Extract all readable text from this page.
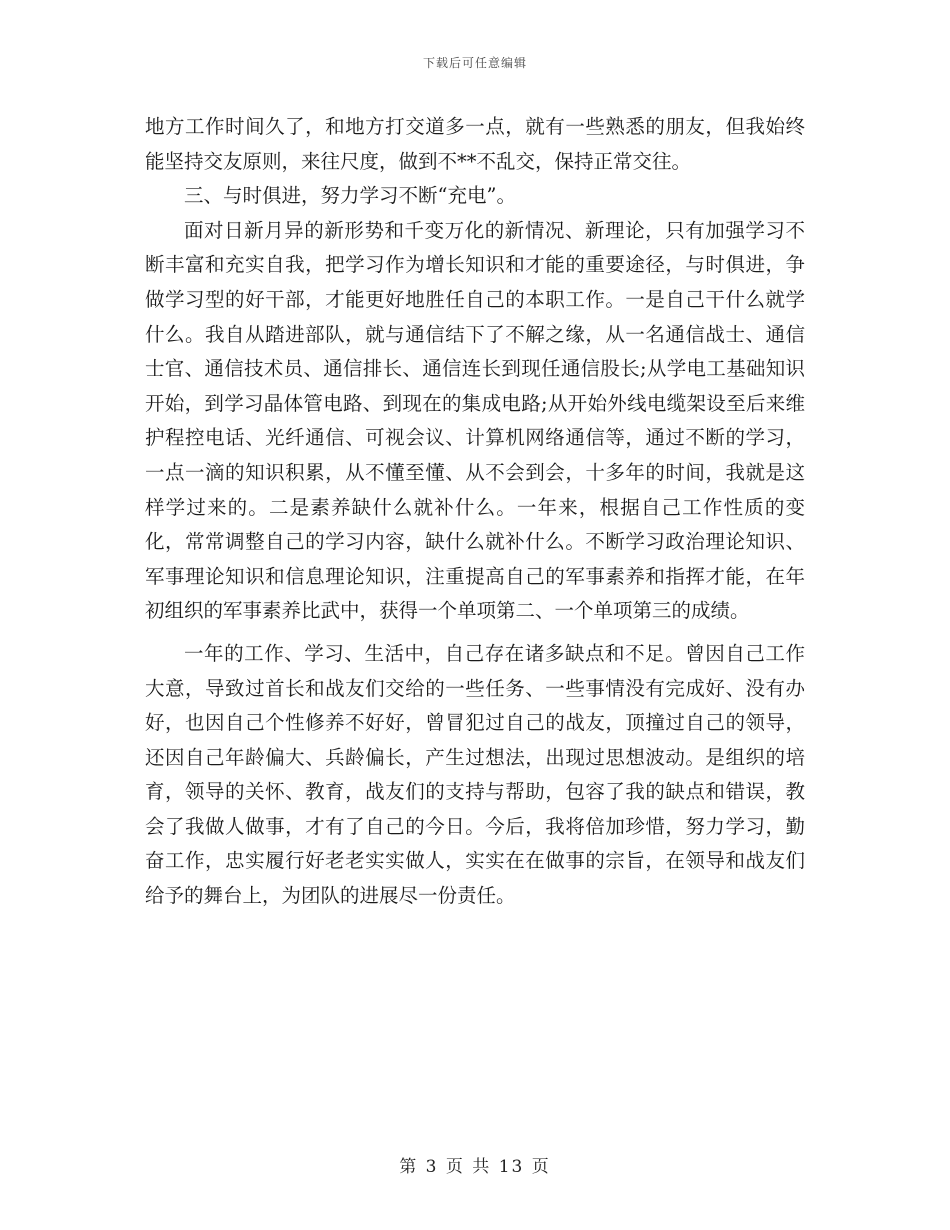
下载后可任意编辑

地方工作时间久了，和地方打交道多一点，就有一些熟悉的朋友，但我始终能坚持交友原则，来往尺度，做到不**不乱交，保持正常交往。

三、与时俱进，努力学习不断“充电”。

面对日新月异的新形势和千变万化的新情况、新理论，只有加强学习不断丰富和充实自我，把学习作为增长知识和才能的重要途径，与时俱进，争做学习型的好干部，才能更好地胜任自己的本职工作。一是自己干什么就学什么。我自从踏进部队，就与通信结下了不解之缘，从一名通信战士、通信士官、通信技术员、通信排长、通信连长到现任通信股长;从学电工基础知识开始，到学习晶体管电路、到现在的集成电路;从开始外线电缆架设至后来维护程控电话、光纤通信、可视会议、计算机网络通信等，通过不断的学习，一点一滴的知识积累，从不懂至懂、从不会到会，十多年的时间，我就是这样学过来的。二是素养缺什么就补什么。一年来，根据自己工作性质的变化，常常调整自己的学习内容，缺什么就补什么。不断学习政治理论知识、军事理论知识和信息理论知识，注重提高自己的军事素养和指挥才能，在年初组织的军事素养比武中，获得一个单项第二、一个单项第三的成绩。

一年的工作、学习、生活中，自己存在诸多缺点和不足。曾因自己工作大意，导致过首长和战友们交给的一些任务、一些事情没有完成好、没有办好，也因自己个性修养不好好，曾冒犯过自己的战友，顶撞过自己的领导，还因自己年龄偏大、兵龄偏长，产生过想法，出现过思想波动。是组织的培育，领导的关怀、教育，战友们的支持与帮助，包容了我的缺点和错误，教会了我做人做事，才有了自己的今日。今后，我将倍加珍惜，努力学习，勤奋工作，忠实履行好老老实实做人，实实在在做事的宗旨，在领导和战友们给予的舞台上，为团队的进展尽一份责任。

第 3 页 共 13 页
